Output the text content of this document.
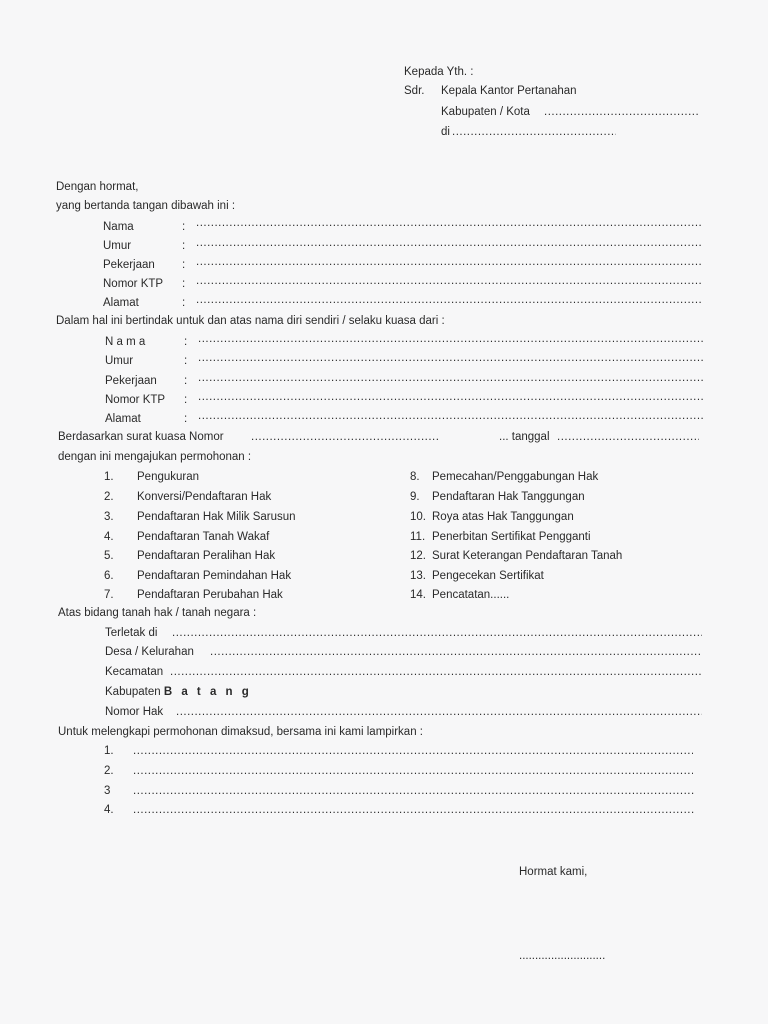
Kepada Yth. :
Sdr. Kepala Kantor Pertanahan
Kabupaten / Kota
.....
di
.....
Dengan hormat,
yang bertanda tangan dibawah ini :
Nama	:
.....
Umur	:
.....
Pekerjaan :
.....
Nomor KTP :
.....
Alamat	:
.....
Dalam hal ini bertindak untuk dan atas nama diri sendiri / selaku kuasa dari :
N a m a	:
.....
Umur	:
.....
Pekerjaan :
.....
Nomor KTP :
.....
Alamat	:
.....
Berdasarkan surat kuasa Nomor
.....	... tanggal
.....
dengan ini mengajukan permohonan :
1. Pengukuran
2. Konversi/Pendaftaran Hak
3. Pendaftaran Hak Milik Sarusun
4. Pendaftaran Tanah Wakaf
5. Pendaftaran Peralihan Hak
6. Pendaftaran Pemindahan Hak
7. Pendaftaran Perubahan Hak
8. Pemecahan/Penggabungan Hak
9. Pendaftaran Hak Tanggungan
10. Roya atas Hak Tanggungan
11. Penerbitan Sertifikat Pengganti
12. Surat Keterangan Pendaftaran Tanah
13. Pengecekan Sertifikat
14. Pencatatan......
Atas bidang tanah hak / tanah negara :
Terletak di
.....
Desa / Kelurahan
.....
Kecamatan
.....
Kabupaten B a t a n g
Nomor Hak
.....
Untuk melengkapi permohonan dimaksud, bersama ini kami lampirkan :
1.
.....
2.
.....
3
.....
4.
.....
Hormat kami,
...........................
